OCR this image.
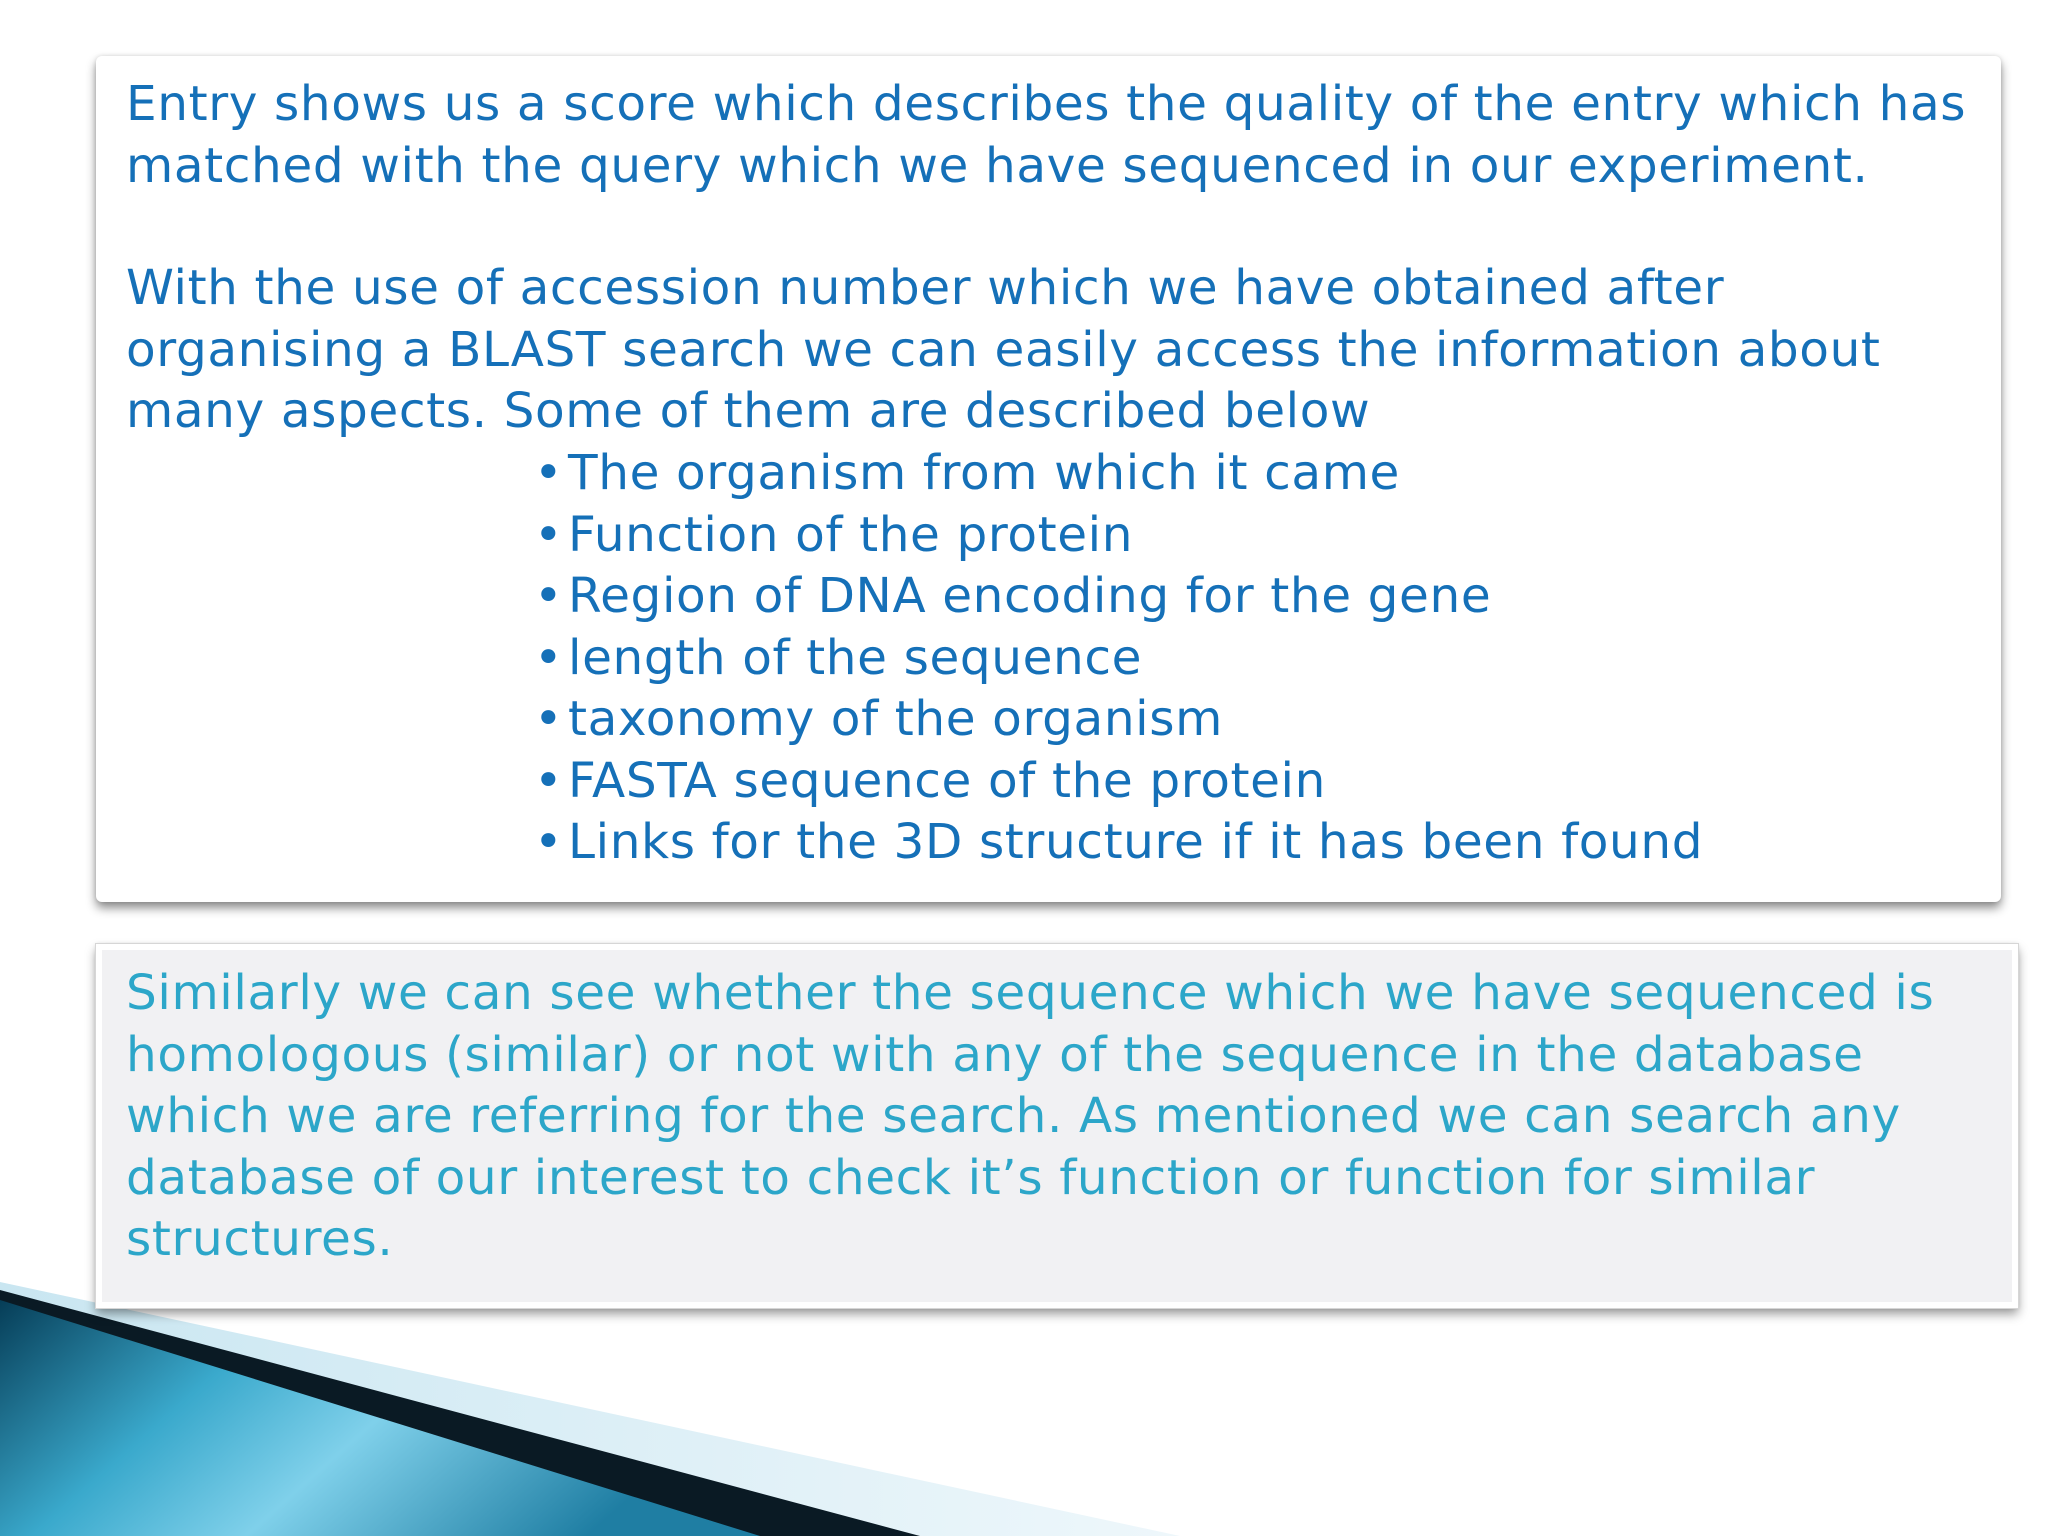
Entry shows us a score which describes the quality of the entry which has
matched with the query which we have sequenced in our experiment.
With the use of accession number which we have obtained after
organising a BLAST search we can easily access the information about
many aspects. Some of them are described below
•The organism from which it came
•Function of the protein
•Region of DNA encoding for the gene
•length of the sequence
•taxonomy of the organism
•FASTA sequence of the protein
•Links for the 3D structure if it has been found
Similarly we can see whether the sequence which we have sequenced is
homologous (similar) or not with any of the sequence in the database
which we are referring for the search. As mentioned we can search any
database of our interest to check it’s function or function for similar
structures.
